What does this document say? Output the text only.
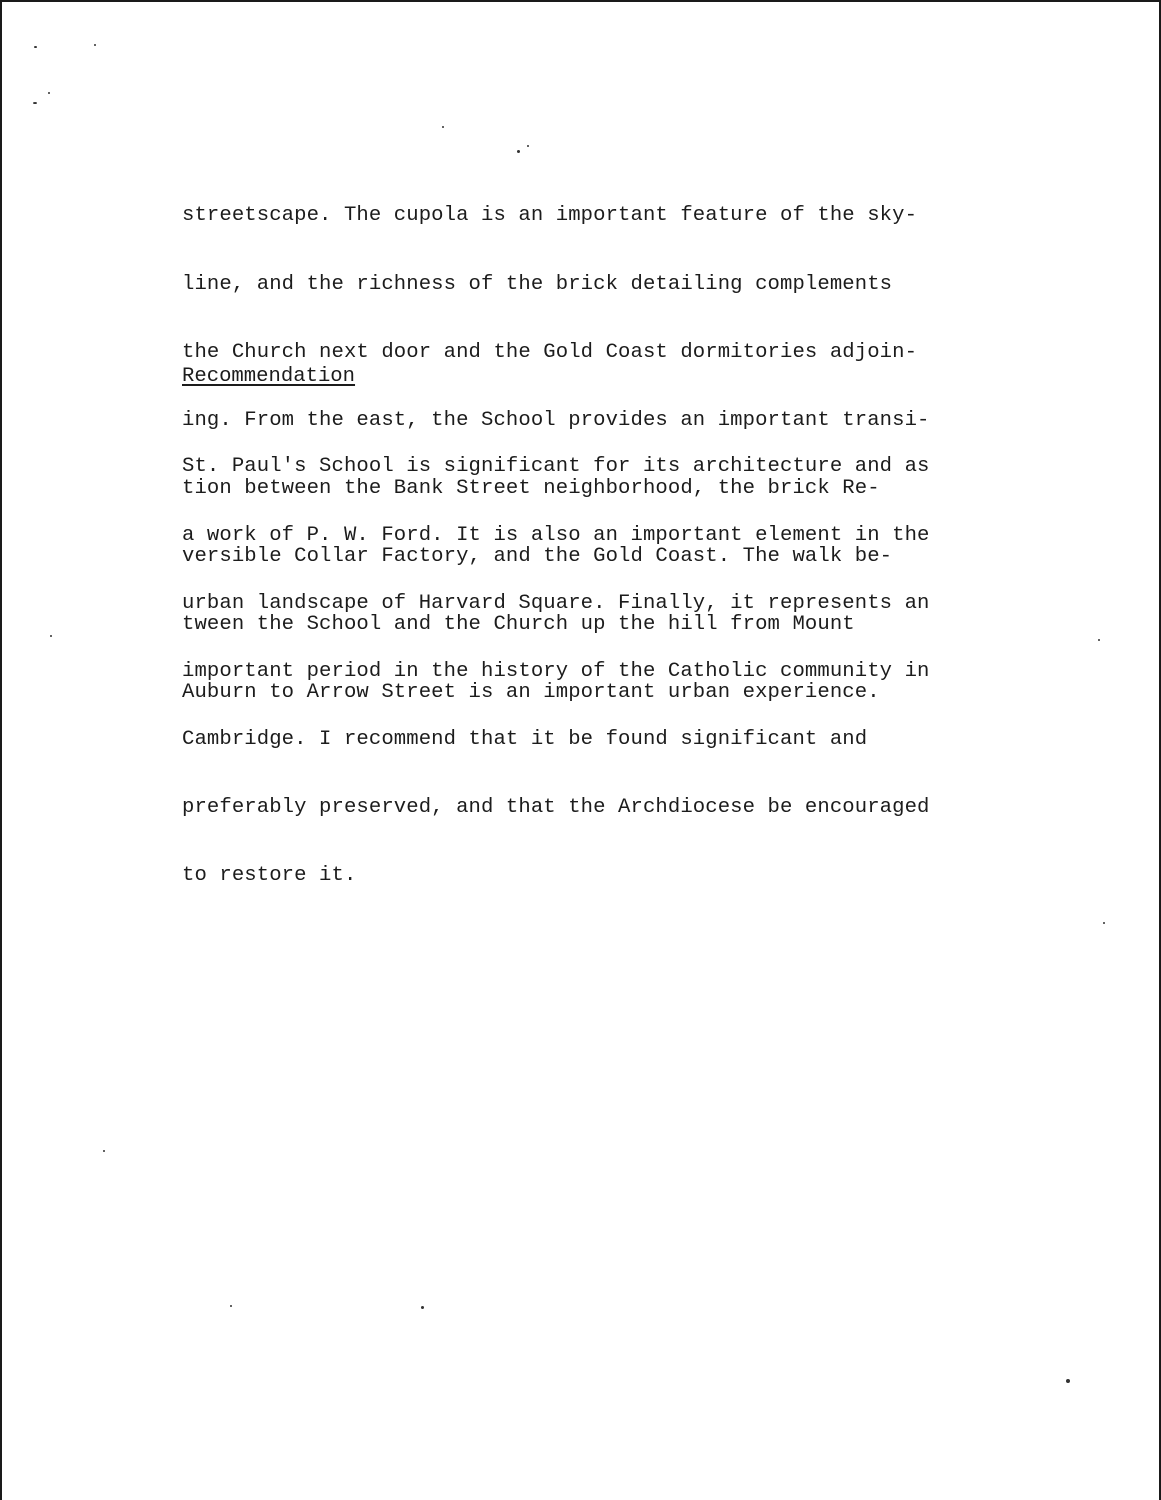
streetscape. The cupola is an important feature of the sky-

line, and the richness of the brick detailing complements

the Church next door and the Gold Coast dormitories adjoin-

ing. From the east, the School provides an important transi-

tion between the Bank Street neighborhood, the brick Re-

versible Collar Factory, and the Gold Coast. The walk be-

tween the School and the Church up the hill from Mount

Auburn to Arrow Street is an important urban experience.

Recommendation

St. Paul's School is significant for its architecture and as

a work of P. W. Ford. It is also an important element in the

urban landscape of Harvard Square. Finally, it represents an

important period in the history of the Catholic community in

Cambridge. I recommend that it be found significant and

preferably preserved, and that the Archdiocese be encouraged

to restore it.
